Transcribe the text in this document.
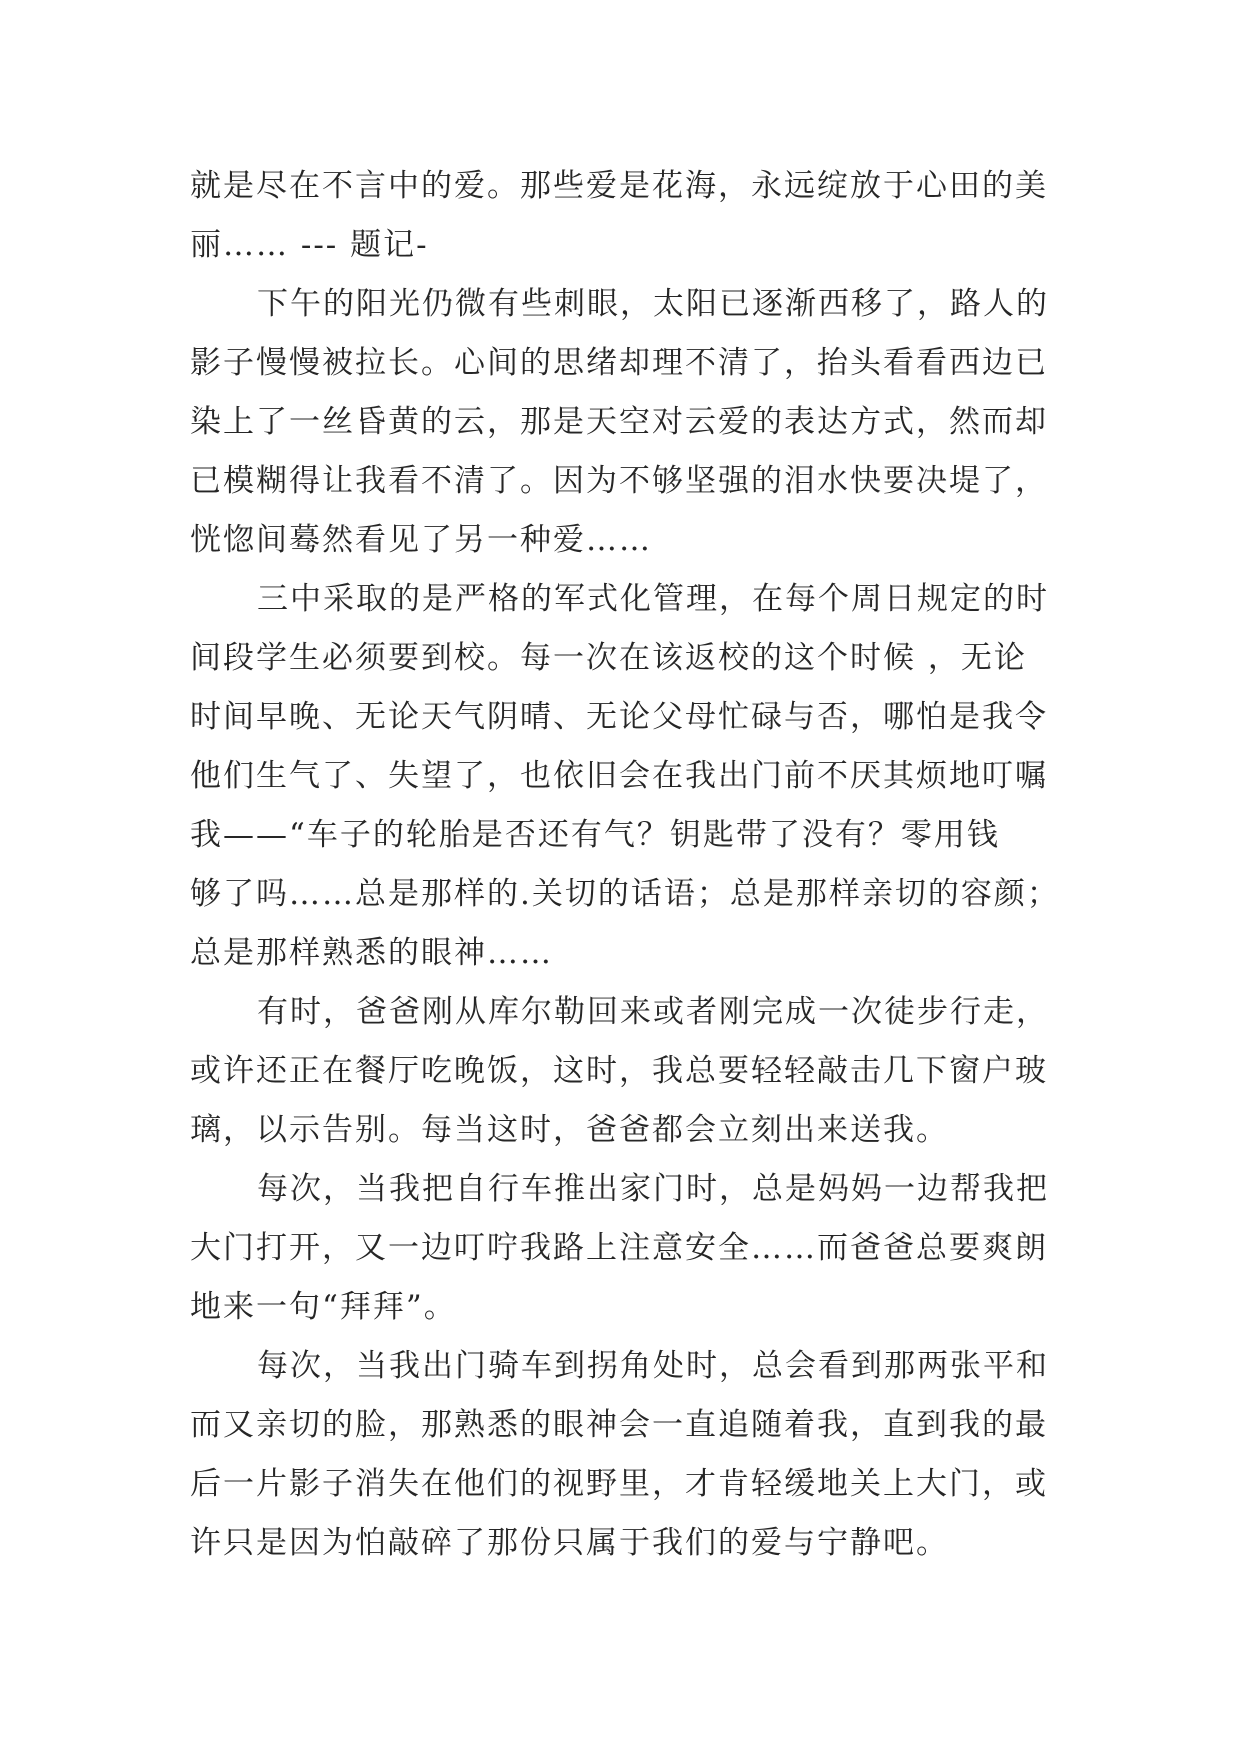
就是尽在不言中的爱。那些爱是花海，永远绽放于心田的美
丽…… --- 题记-
下午的阳光仍微有些刺眼，太阳已逐渐西移了，路人的
影子慢慢被拉长。心间的思绪却理不清了，抬头看看西边已
染上了一丝昏黄的云，那是天空对云爱的表达方式，然而却
已模糊得让我看不清了。因为不够坚强的泪水快要决堤了，
恍惚间蓦然看见了另一种爱……
三中采取的是严格的军式化管理，在每个周日规定的时
间段学生必须要到校。每一次在该返校的这个时候 ，无论
时间早晚、无论天气阴晴、无论父母忙碌与否，哪怕是我令
他们生气了、失望了，也依旧会在我出门前不厌其烦地叮嘱
我——“车子的轮胎是否还有气？钥匙带了没有？零用钱
够了吗……总是那样的.关切的话语；总是那样亲切的容颜；
总是那样熟悉的眼神……
有时，爸爸刚从库尔勒回来或者刚完成一次徒步行走，
或许还正在餐厅吃晚饭，这时，我总要轻轻敲击几下窗户玻
璃，以示告别。每当这时，爸爸都会立刻出来送我。
每次，当我把自行车推出家门时，总是妈妈一边帮我把
大门打开，又一边叮咛我路上注意安全……而爸爸总要爽朗
地来一句“拜拜”。
每次，当我出门骑车到拐角处时，总会看到那两张平和
而又亲切的脸，那熟悉的眼神会一直追随着我，直到我的最
后一片影子消失在他们的视野里，才肯轻缓地关上大门，或
许只是因为怕敲碎了那份只属于我们的爱与宁静吧。
